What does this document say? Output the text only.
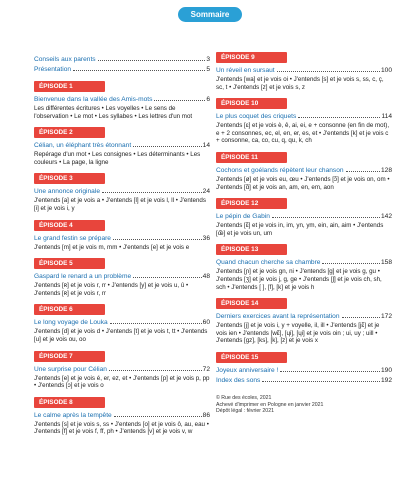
Sommaire
Conseils aux parents	3
Présentation	5
ÉPISODE 1
Bienvenue dans la vallée des Amis-mots	6
Les différentes écritures • Les voyelles • Le sens de l'observation • Le mot • Les syllabes • Les lettres d'un mot
ÉPISODE 2
Célian, un éléphant très étonnant	14
Repérage d'un mot • Les consignes • Les déterminants • Les couleurs • La page, la ligne
ÉPISODE 3
Une annonce originale	24
J'entends [a] et je vois a • J'entends [l] et je vois l, ll • J'entends [i] et je vois i, y
ÉPISODE 4
Le grand festin se prépare	36
J'entends [m] et je vois m, mm • J'entends [e] et je vois e
ÉPISODE 5
Gaspard le renard a un problème	48
J'entends [ʀ] et je vois r, rr • J'entends [y] et je vois u, û • J'entends [ʀ] et je vois r, rr
ÉPISODE 6
Le long voyage de Louka	60
J'entends [d] et je vois d • J'entends [t] et je vois t, tt • J'entends [u] et je vois ou, oo
ÉPISODE 7
Une surprise pour Célian	72
J'entends [e] et je vois é, er, ez, et • J'entends [p] et je vois p, pp • J'entends [ɔ] et je vois o
ÉPISODE 8
Le calme après la tempête	86
J'entends [s] et je vois s, ss • J'entends [o] et je vois ô, au, eau • J'entends [f] et je vois f, ff, ph • J'entends [v] et je vois v, w
ÉPISODE 9
Un réveil en sursaut	100
J'entends [wa] et je vois oi • J'entends [s] et je vois s, ss, c, ç, sc, t • J'entends [z] et je vois s, z
ÉPISODE 10
Le plus coquet des criquets	114
J'entends [ɛ] et je vois è, ê, ai, ei, e + consonne (en fin de mot), e + 2 consonnes, ec, el, en, er, es, et • J'entends [k] et je vois c + consonne, ca, co, cu, q, qu, k, ch
ÉPISODE 11
Cochons et goélands répètent leur chanson	128
J'entends [ø] et je vois eu, œu • J'entends [ɔ̃] et je vois on, om • J'entends [ɑ̃] et je vois an, am, en, em, aon
ÉPISODE 12
Le pépin de Gabin	142
J'entends [ɛ̃] et je vois in, im, yn, ym, ein, ain, aim • J'entends [œ̃] et je vois un, um
ÉPISODE 13
Quand chacun cherche sa chambre	158
J'entends [ɲ] et je vois gn, ni • J'entends [g] et je vois g, gu • J'entends [ʒ] et je vois j, g, ge • J'entends [ʃ] et je vois ch, sh, sch • J'entends [ ], [f], [k] et je vois h
ÉPISODE 14
Derniers exercices avant la représentation	172
J'entends [j] et je vois i, y + voyelle, il, ill • J'entends [jɛ̃] et je vois ien • J'entends [wɛ̃], [ɥi], [ɥi] et je vois oin ; ui, uy ; uill • J'entends [gz], [ks], [k], [z] et je vois x
ÉPISODE 15
Joyeux anniversaire !	190
Index des sons	192
© Rue des écoles, 2021
Achevé d'imprimer en Pologne en janvier 2021
Dépôt légal : février 2021
